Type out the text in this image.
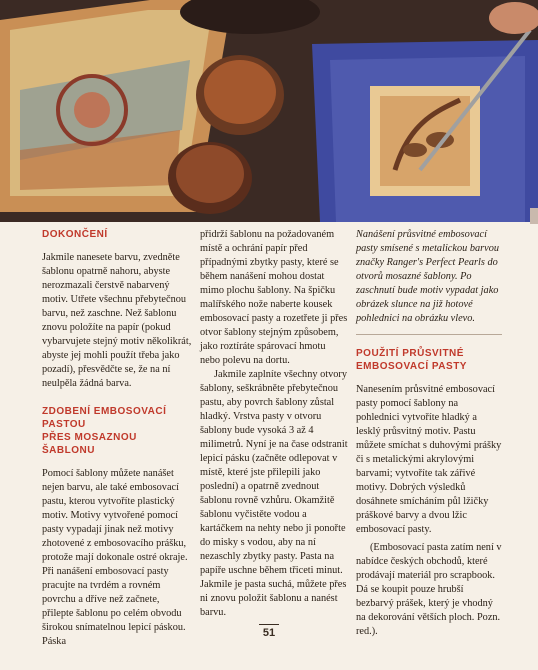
DOKONČENÍ

Jakmile nanesete barvu, zvedněte šablonu opatrně nahoru, abyste nerozmazali čerstvě nabarvený motiv. Utřete všechnu přebytečnou barvu, než zaschne. Než šablonu znovu položíte na papír (pokud vybarvujete stejný motiv několikrát, abyste jej mohli použít třeba jako pozadí), přesvědčte se, že na ní neulpěla žádná barva.

ZDOBENÍ EMBOSOVACÍ PASTOU
PŘES MOSAZNOU ŠABLONU

Pomocí šablony můžete nanášet nejen barvu, ale také embosovací pastu, kterou vytvoříte plastický motiv. Motivy vytvořené pomocí pasty vypadají jinak než motivy zhotovené z embosovacího prášku, protože mají dokonale ostré okraje. Při nanášení embosovací pasty pracujte na tvrdém a rovném povrchu a dříve než začnete, přilepte šablonu po celém obvodu širokou snímatelnou lepicí páskou. Páska

přidrží šablonu na požadovaném místě a ochrání papír před případnými zbytky pasty, které se během nanášení mohou dostat mimo plochu šablony. Na špičku malířského nože naberte kousek embosovací pasty a rozetřete ji přes otvor šablony stejným způsobem, jako roztíráte spárovací hmotu nebo polevu na dortu.

Jakmile zaplníte všechny otvory šablony, seškrábněte přebytečnou pastu, aby povrch šablony zůstal hladký. Vrstva pasty v otvoru šablony bude vysoká 3 až 4 milimetrů. Nyní je na čase odstranit lepicí pásku (začněte odlepovat v místě, které jste přilepili jako poslední) a opatrně zvednout šablonu rovně vzhůru. Okamžitě šablonu vyčistěte vodou a kartáčkem na nehty nebo ji ponořte do misky s vodou, aby na ní nezaschly zbytky pasty. Pasta na papíře uschne během třiceti minut. Jakmile je pasta suchá, můžete přes ni znovu položit šablonu a nanést barvu.

Nanášení průsvitné embosovací pasty smísené s metalickou barvou značky Ranger's Perfect Pearls do otvorů mosazné šablony. Po zaschnutí bude motiv vypadat jako obrázek slunce na již hotové pohlednici na obrázku vlevo.

POUŽITÍ PRŮSVITNÉ
EMBOSOVACÍ PASTY

Nanesením průsvitné embosovací pasty pomocí šablony na pohlednici vytvoříte hladký a lesklý průsvitný motiv. Pastu můžete smíchat s duhovými prášky či s metalickými akrylovými barvami; vytvoříte tak zářivé motivy. Dobrých výsledků dosáhnete smícháním půl lžičky práškové barvy a dvou lžic embosovací pasty.

(Embosovací pasta zatím není v nabídce českých obchodů, které prodávají materiál pro scrapbook. Dá se koupit pouze hrubší bezbarvý prášek, který je vhodný na dekorování větších ploch. Pozn. red.).

51
